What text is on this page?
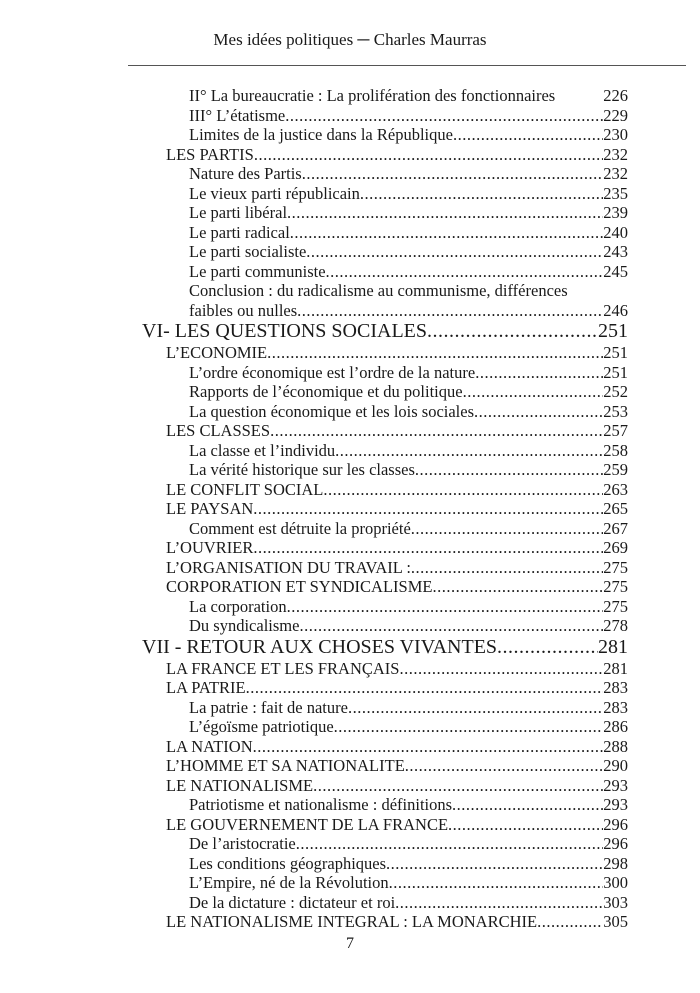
Mes idées politiques ─ Charles Maurras
II° La bureaucratie : La prolifération des fonctionnaires	226
III° L’étatisme .....	229
Limites de la justice dans la République .....	230
LES PARTIS .....	232
Nature des Partis .....	232
Le vieux parti républicain .....	235
Le parti libéral .....	239
Le parti radical .....	240
Le parti socialiste .....	243
Le parti communiste .....	245
Conclusion : du radicalisme au communisme, différences
faibles ou nulles .....	246
VI- LES QUESTIONS SOCIALES .....	251
L’ECONOMIE .....	251
L’ordre économique est l’ordre de la nature .....	251
Rapports de l’économique et du politique .....	252
La question économique et les lois sociales .....	253
LES CLASSES .....	257
La classe et l’individu .....	258
La vérité historique sur les classes .....	259
LE CONFLIT SOCIAL .....	263
LE PAYSAN .....	265
Comment est détruite la propriété .....	267
L’OUVRIER .....	269
L’ORGANISATION DU TRAVAIL : .....	275
CORPORATION ET SYNDICALISME .....	275
La corporation .....	275
Du syndicalisme .....	278
VII - RETOUR AUX CHOSES VIVANTES .....	281
LA FRANCE ET LES FRANÇAIS .....	281
LA PATRIE .....	283
La patrie : fait de nature .....	283
L’égoïsme patriotique .....	286
LA NATION .....	288
L’HOMME ET SA NATIONALITE .....	290
LE NATIONALISME .....	293
Patriotisme et nationalisme : définitions .....	293
LE GOUVERNEMENT DE LA FRANCE .....	296
De l’aristocratie .....	296
Les conditions géographiques .....	298
L’Empire, né de la Révolution .....	300
De la dictature : dictateur et roi .....	303
LE NATIONALISME INTEGRAL : LA MONARCHIE .....	305
7
